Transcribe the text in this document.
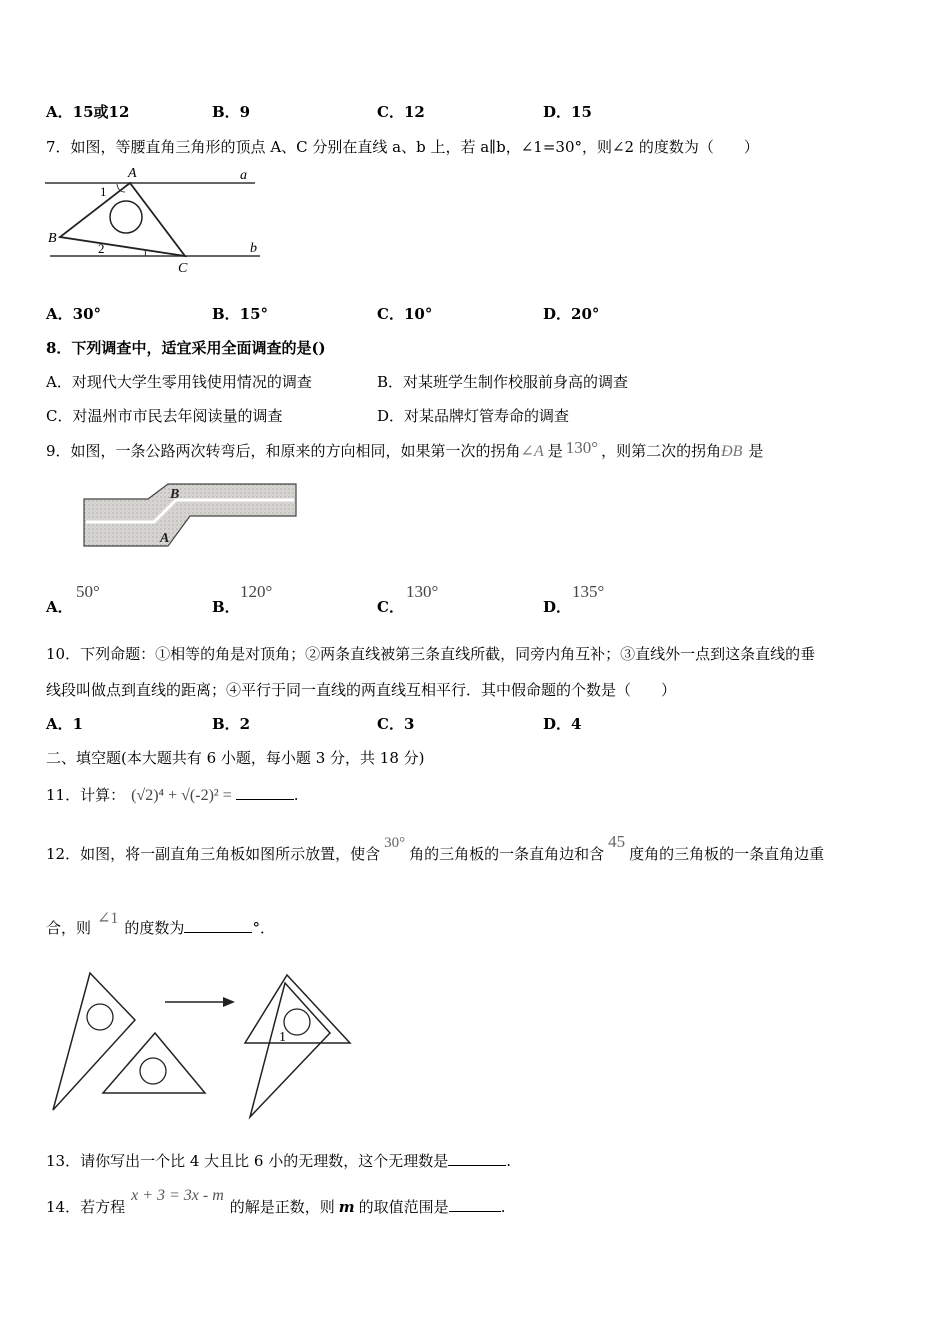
A．15或12	B．9	C．12	D．15
7．如图，等腰直角三角形的顶点 A、C 分别在直线 a、b 上，若 a∥b，∠1=30°，则∠2 的度数为（　　）
A	a
1
B
2	b
C
A．30°	B．15°	C．10°	D．20°
8．下列调查中，适宜采用全面调查的是()
A．对现代大学生零用钱使用情况的调查	B．对某班学生制作校服前身高的调查
C．对温州市市民去年阅读量的调查	D．对某品牌灯管寿命的调查
9．如图，一条公路两次转弯后，和原来的方向相同，如果第一次的拐角∠A 是 130° ，则第二次的拐角ÐB 是
B
A
A．
50°
B．
120°
C．
130°
D．
135°
10．下列命题：①相等的角是对顶角；②两条直线被第三条直线所截，同旁内角互补；③直线外一点到这条直线的垂
线段叫做点到直线的距离；④平行于同一直线的两直线互相平行．其中假命题的个数是（　　）
A．1	B．2	C．3	D．4
二、填空题(本大题共有 6 小题，每小题 3 分，共 18 分)
11．计算： (√2)⁴ + √(-2)² =	.
12．如图，将一副直角三角板如图所示放置，使含30°角的三角板的一条直角边和含45度角的三角板的一条直角边重
合，则∠1的度数为	°．
1
13．请你写出一个比 4 大且比 6 小的无理数，这个无理数是	.
14．若方程x + 3 = 3x - m的解是正数，则 m 的取值范围是	.
